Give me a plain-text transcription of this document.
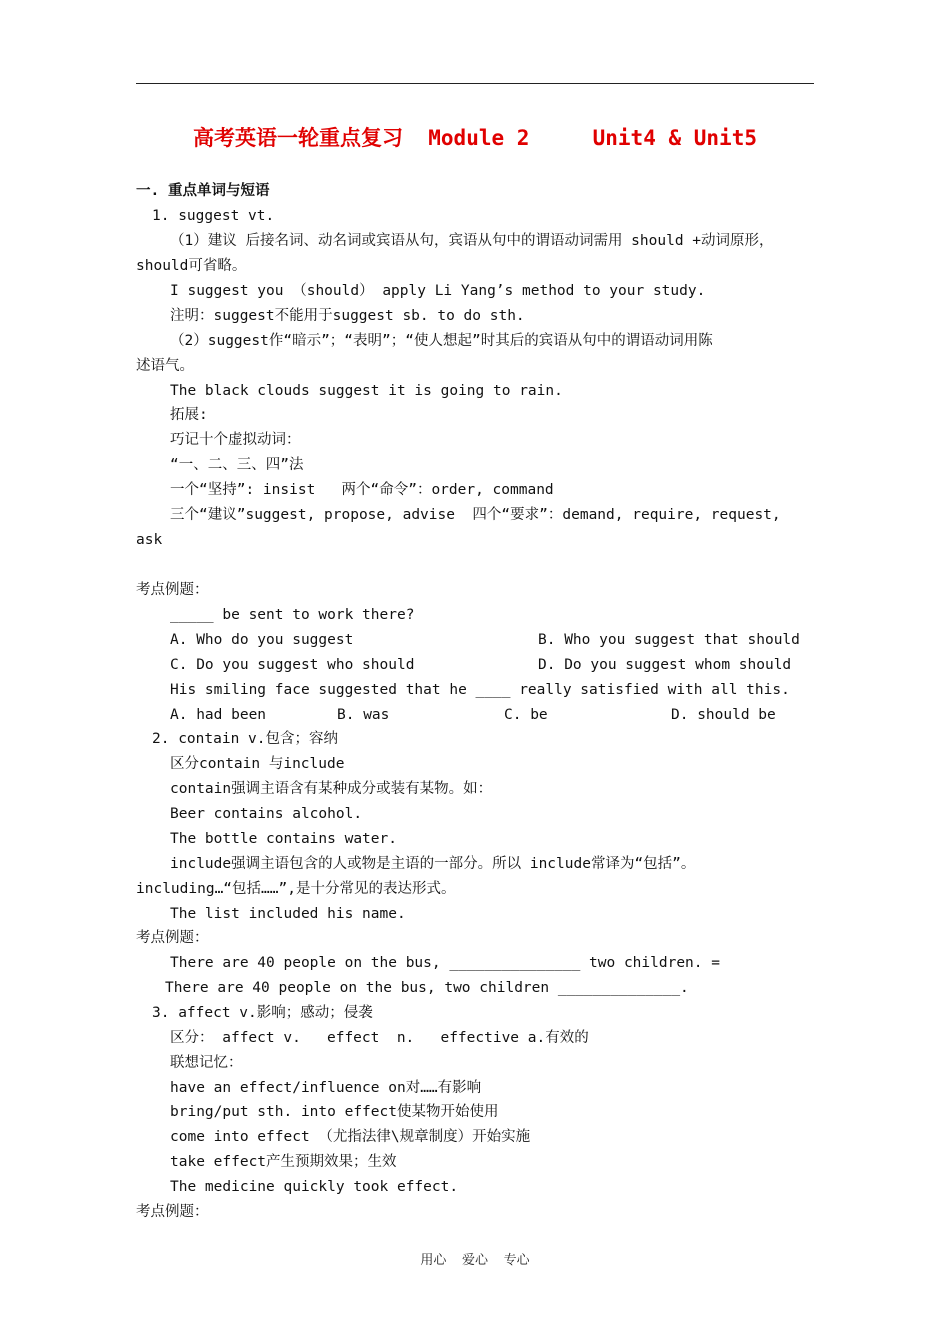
高考英语一轮重点复习  Module 2     Unit4 & Unit5
一. 重点单词与短语
1. suggest vt.
（1）建议 后接名词、动名词或宾语从句，宾语从句中的谓语动词需用 should +动词原形，
should可省略。
I suggest you （should） apply Li Yang’s method to your study.
注明：suggest不能用于suggest sb. to do sth.
（2）suggest作“暗示”；“表明”；“使人想起”时其后的宾语从句中的谓语动词用陈
述语气。
The black clouds suggest it is going to rain.
拓展:
巧记十个虚拟动词：
“一、二、三、四”法
一个“坚持”: insist   两个“命令”：order, command
三个“建议”suggest, propose, advise  四个“要求”：demand, require, request,
ask
考点例题：
_____ be sent to work there?
A. Who do you suggest	B. Who you suggest that should
C. Do you suggest who should	D. Do you suggest whom should
His smiling face suggested that he ____ really satisfied with all this.
A. had been	B. was	C. be	D. should be
2. contain v.包含；容纳
区分contain 与include
contain强调主语含有某种成分或装有某物。如：
Beer contains alcohol.
The bottle contains water.
include强调主语包含的人或物是主语的一部分。所以 include常译为“包括”。
including…“包括……”,是十分常见的表达形式。
The list included his name.
考点例题：
There are 40 people on the bus, _______________ two children. =
There are 40 people on the bus, two children ______________.
3. affect v.影响；感动；侵袭
区分： affect v.   effect  n.   effective a.有效的
联想记忆：
have an effect/influence on对……有影响
bring/put sth. into effect使某物开始使用
come into effect （尤指法律\规章制度）开始实施
take effect产生预期效果；生效
The medicine quickly took effect.
考点例题：
用心  爱心  专心
